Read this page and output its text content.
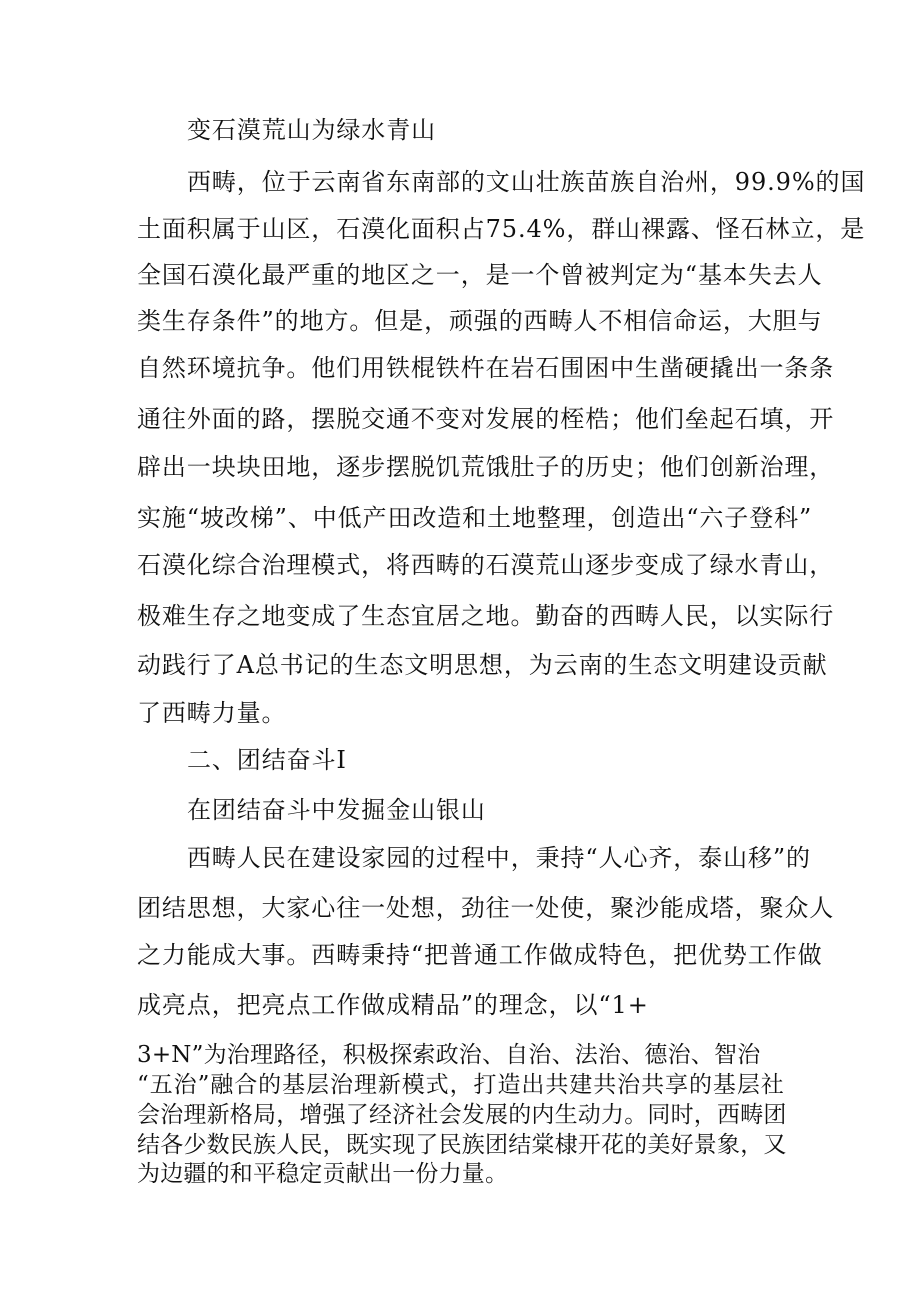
变石漠荒山为绿水青山
西畴，位于云南省东南部的文山壮族苗族自治州，99.9%的国
土面积属于山区，石漠化面积占75.4%，群山裸露、怪石林立，是
全国石漠化最严重的地区之一，是一个曾被判定为“基本失去人
类生存条件”的地方。但是，顽强的西畴人不相信命运，大胆与
自然环境抗争。他们用铁棍铁杵在岩石围困中生凿硬撬出一条条
通往外面的路，摆脱交通不变对发展的桎梏；他们垒起石填，开
辟出一块块田地，逐步摆脱饥荒饿肚子的历史；他们创新治理，
实施“坡改梯”、中低产田改造和土地整理，创造出“六子登科”
石漠化综合治理模式，将西畴的石漠荒山逐步变成了绿水青山，
极难生存之地变成了生态宜居之地。勤奋的西畴人民，以实际行
动践行了A总书记的生态文明思想，为云南的生态文明建设贡献
了西畴力量。
二、团结奋斗I
在团结奋斗中发掘金山银山
西畴人民在建设家园的过程中，秉持“人心齐，泰山移”的
团结思想，大家心往一处想，劲往一处使，聚沙能成塔，聚众人
之力能成大事。西畴秉持“把普通工作做成特色，把优势工作做
成亮点，把亮点工作做成精品”的理念，以“1+
3+N”为治理路径，积极探索政治、自治、法治、德治、智治
“五治”融合的基层治理新模式，打造出共建共治共享的基层社
会治理新格局，增强了经济社会发展的内生动力。同时，西畴团
结各少数民族人民，既实现了民族团结棠棣开花的美好景象，又
为边疆的和平稳定贡献出一份力量。
